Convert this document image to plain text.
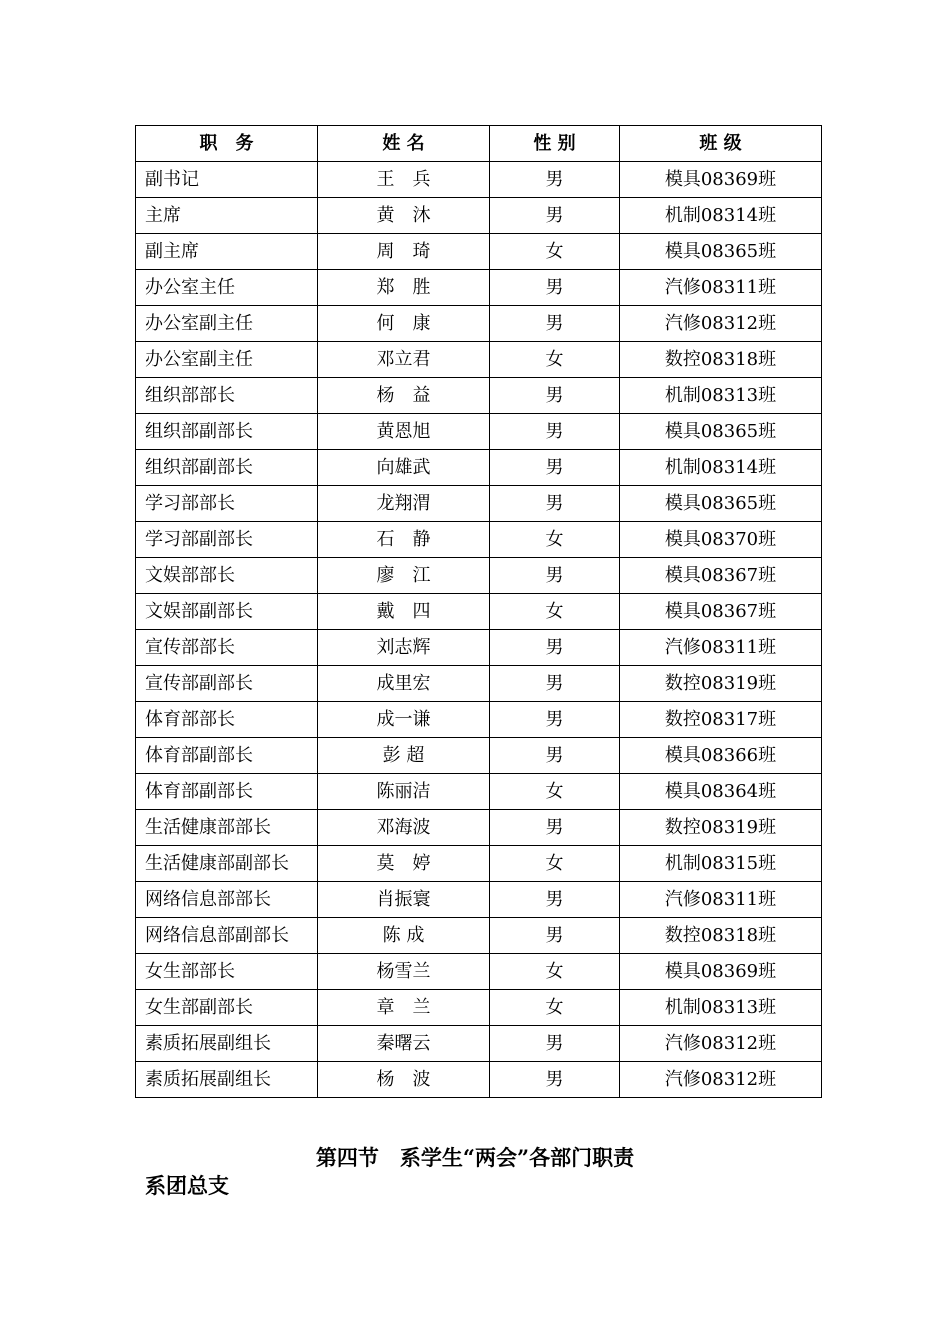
职　务	姓 名	性 别	班 级
副书记	王　兵	男	模具08369班
主席	黄　沐	男	机制08314班
副主席	周　琦	女	模具08365班
办公室主任	郑　胜	男	汽修08311班
办公室副主任	何　康	男	汽修08312班
办公室副主任	邓立君	女	数控08318班
组织部部长	杨　益	男	机制08313班
组织部副部长	黄恩旭	男	模具08365班
组织部副部长	向雄武	男	机制08314班
学习部部长	龙翔渭	男	模具08365班
学习部副部长	石　静	女	模具08370班
文娱部部长	廖　江	男	模具08367班
文娱部副部长	戴　四	女	模具08367班
宣传部部长	刘志辉	男	汽修08311班
宣传部副部长	成里宏	男	数控08319班
体育部部长	成一谦	男	数控08317班
体育部副部长	彭 超	男	模具08366班
体育部副部长	陈丽洁	女	模具08364班
生活健康部部长	邓海波	男	数控08319班
生活健康部副部长	莫　婷	女	机制08315班
网络信息部部长	肖振寰	男	汽修08311班
网络信息部副部长	陈 成	男	数控08318班
女生部部长	杨雪兰	女	模具08369班
女生部副部长	章　兰	女	机制08313班
素质拓展副组长	秦曙云	男	汽修08312班
素质拓展副组长	杨　波	男	汽修08312班
第四节　系学生“两会”各部门职责
系团总支
